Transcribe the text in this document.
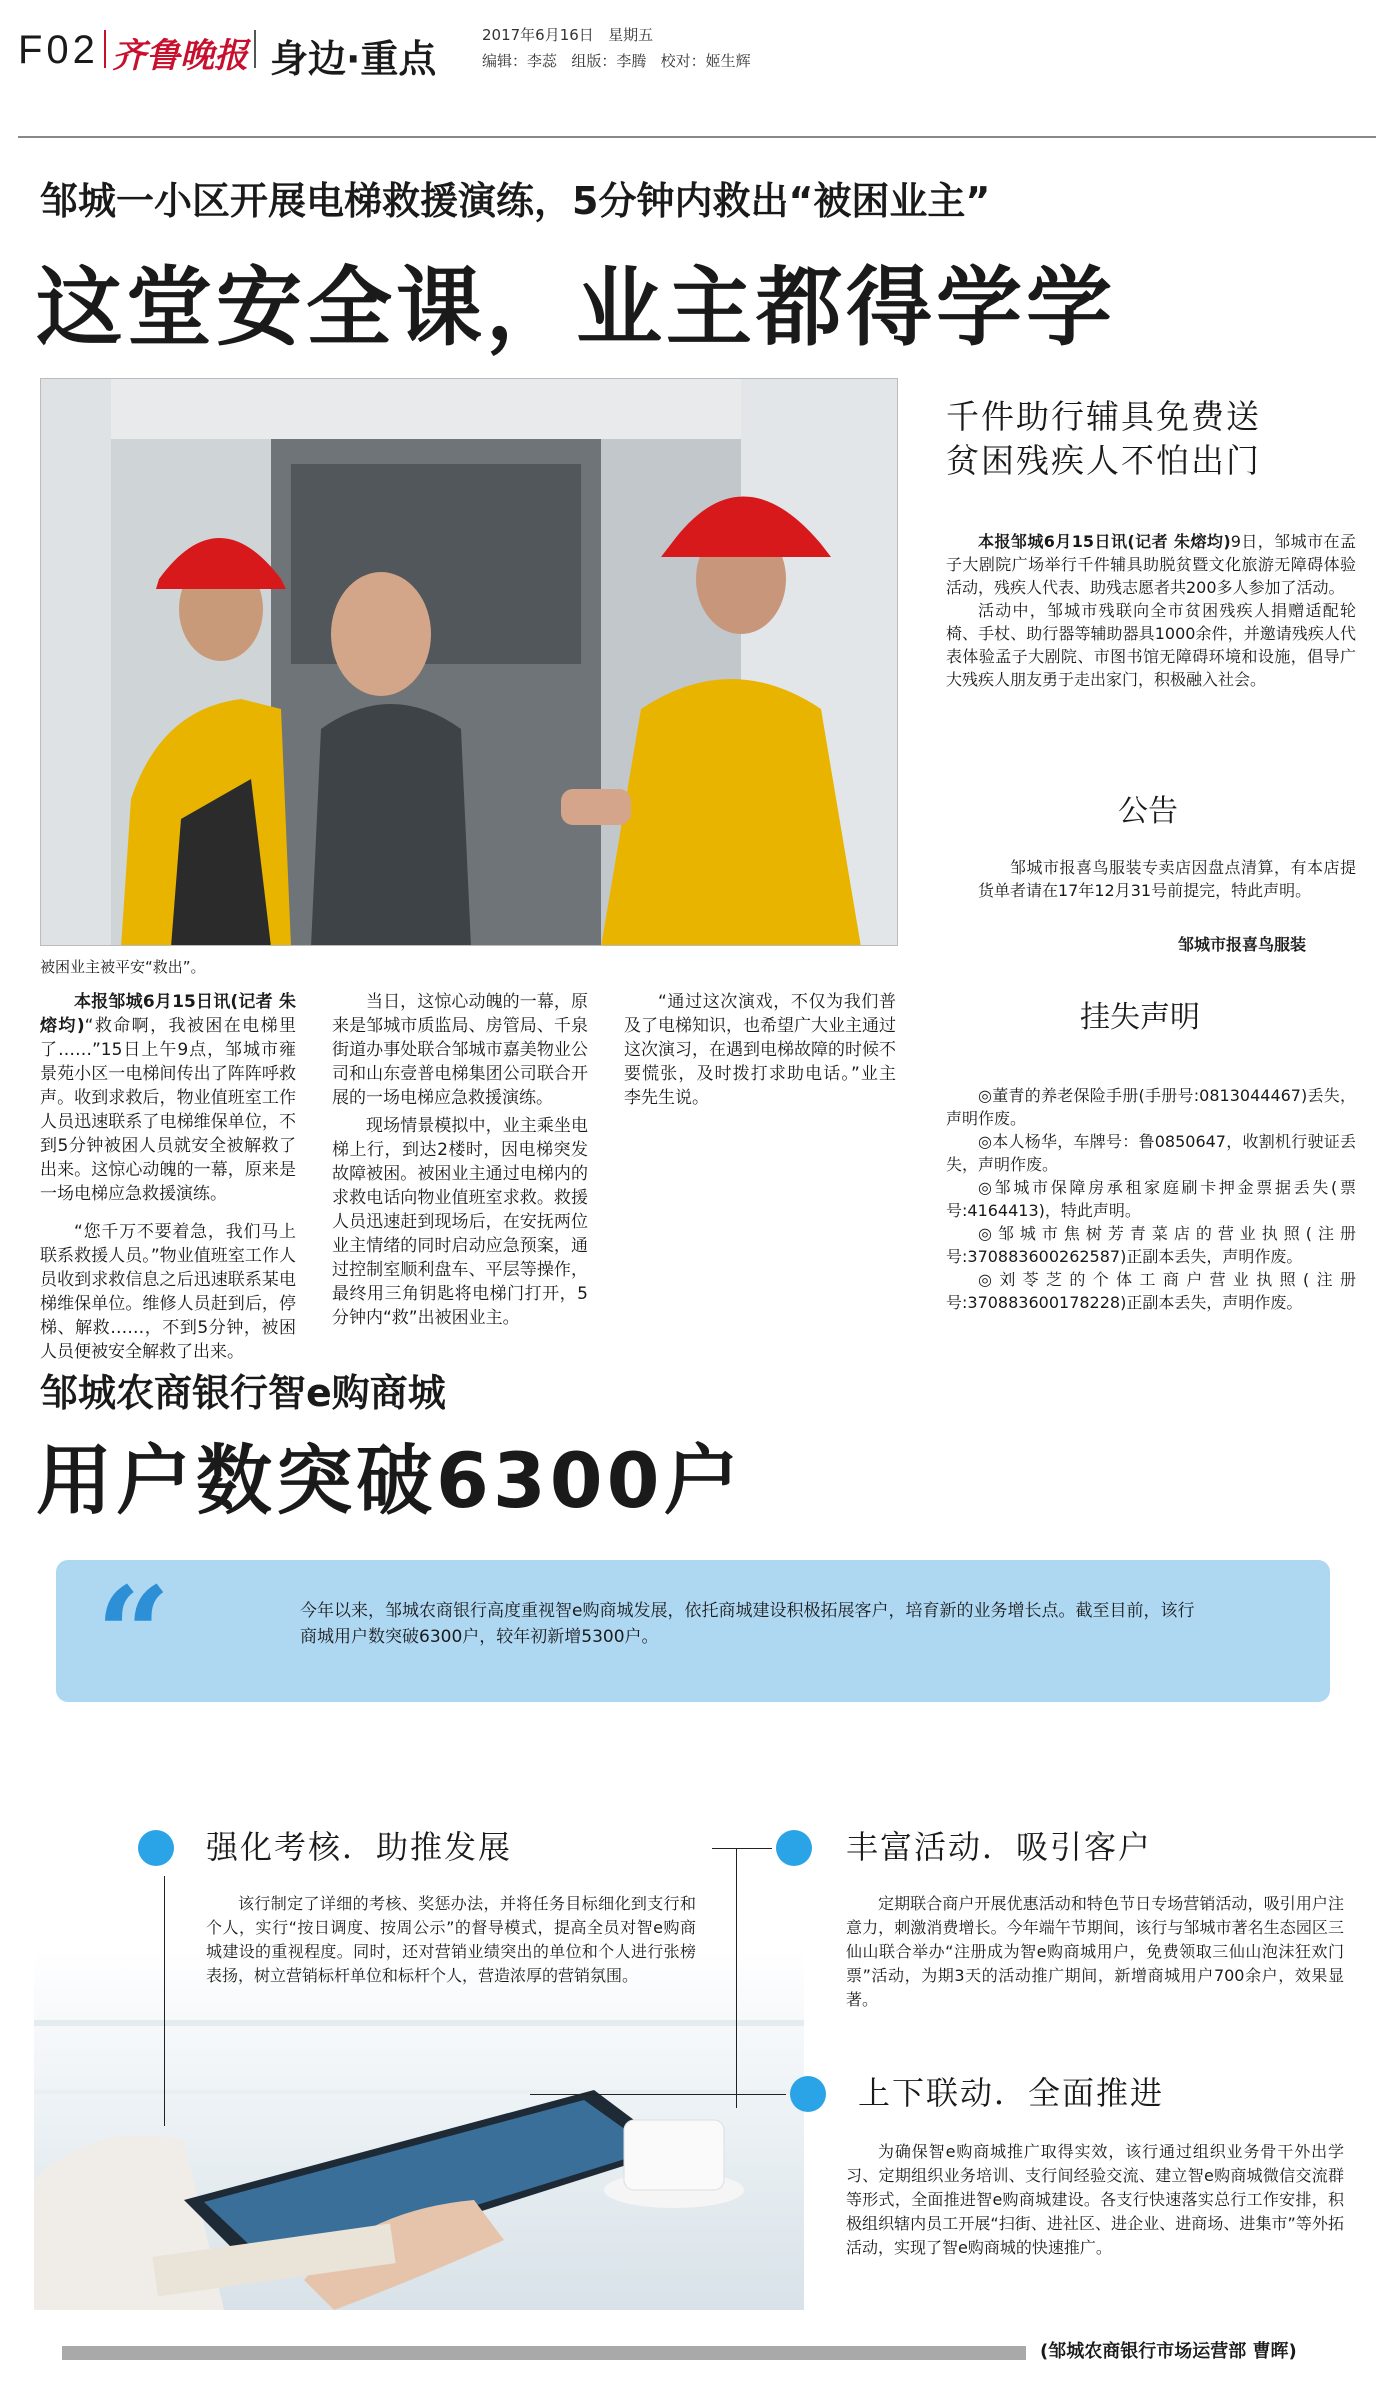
F02 齐鲁晚报 身边·重点
2017年6月16日 星期五
编辑：李蕊 组版：李腾 校对：姬生辉
邹城一小区开展电梯救援演练，5分钟内救出“被困业主”
这堂安全课，业主都得学学
被困业主被平安“救出”。

本报邹城6月15日讯(记者 朱熔均)“救命啊，我被困在电梯里了……”15日上午9点，邹城市雍景苑小区一电梯间传出了阵阵呼救声。收到求救后，物业值班室工作人员迅速联系了电梯维保单位，不到5分钟被困人员就安全被解救了出来。这惊心动魄的一幕，原来是一场电梯应急救援演练。

“您千万不要着急，我们马上联系救援人员。”物业值班室工作人员收到求救信息之后迅速联系某电梯维保单位。维修人员赶到后，停梯、解救……，不到5分钟，被困人员便被安全解救了出来。

当日，这惊心动魄的一幕，原来是邹城市质监局、房管局、千泉街道办事处联合邹城市嘉美物业公司和山东壹普电梯集团公司联合开展的一场电梯应急救援演练。

现场情景模拟中，业主乘坐电梯上行，到达2楼时，因电梯突发故障被困。被困业主通过电梯内的求救电话向物业值班室求救。救援人员迅速赶到现场后，在安抚两位业主情绪的同时启动应急预案，通过控制室顺利盘车、平层等操作，最终用三角钥匙将电梯门打开，5分钟内“救”出被困业主。

“通过这次演戏，不仅为我们普及了电梯知识，也希望广大业主通过这次演习，在遇到电梯故障的时候不要慌张，及时拨打求助电话。”业主李先生说。

千件助行辅具免费送
贫困残疾人不怕出门

本报邹城6月15日讯(记者 朱熔均)9日，邹城市在孟子大剧院广场举行千件辅具助脱贫暨文化旅游无障碍体验活动，残疾人代表、助残志愿者共200多人参加了活动。

活动中，邹城市残联向全市贫困残疾人捐赠适配轮椅、手杖、助行器等辅助器具1000余件，并邀请残疾人代表体验孟子大剧院、市图书馆无障碍环境和设施，倡导广大残疾人朋友勇于走出家门，积极融入社会。

公告

邹城市报喜鸟服装专卖店因盘点清算，有本店提货单者请在17年12月31号前提完，特此声明。

邹城市报喜鸟服装
挂失声明

◎董青的养老保险手册(手册号:0813044467)丢失，声明作废。

◎本人杨华，车牌号：鲁0850647，收割机行驶证丢失，声明作废。

◎邹城市保障房承租家庭刷卡押金票据丢失(票号:4164413)，特此声明。

◎邹城市焦树芳青菜店的营业执照(注册号:370883600262587)正副本丢失，声明作废。

◎刘苓芝的个体工商户营业执照(注册号:370883600178228)正副本丢失，声明作废。

邹城农商银行智e购商城
用户数突破6300户
“	今年以来，邹城农商银行高度重视智e购商城发展，依托商城建设积极拓展客户，培育新的业务增长点。截至目前，该行商城用户数突破6300户，较年初新增5300户。
强化考核．助推发展

该行制定了详细的考核、奖惩办法，并将任务目标细化到支行和个人，实行“按日调度、按周公示”的督导模式，提高全员对智e购商城建设的重视程度。同时，还对营销业绩突出的单位和个人进行张榜表扬，树立营销标杆单位和标杆个人，营造浓厚的营销氛围。

丰富活动．吸引客户

定期联合商户开展优惠活动和特色节日专场营销活动，吸引用户注意力，刺激消费增长。今年端午节期间，该行与邹城市著名生态园区三仙山联合举办“注册成为智e购商城用户，免费领取三仙山泡沫狂欢门票”活动，为期3天的活动推广期间，新增商城用户700余户，效果显著。

上下联动．全面推进

为确保智e购商城推广取得实效，该行通过组织业务骨干外出学习、定期组织业务培训、支行间经验交流、建立智e购商城微信交流群等形式，全面推进智e购商城建设。各支行快速落实总行工作安排，积极组织辖内员工开展“扫街、进社区、进企业、进商场、进集市”等外拓活动，实现了智e购商城的快速推广。

(邹城农商银行市场运营部 曹晖)
